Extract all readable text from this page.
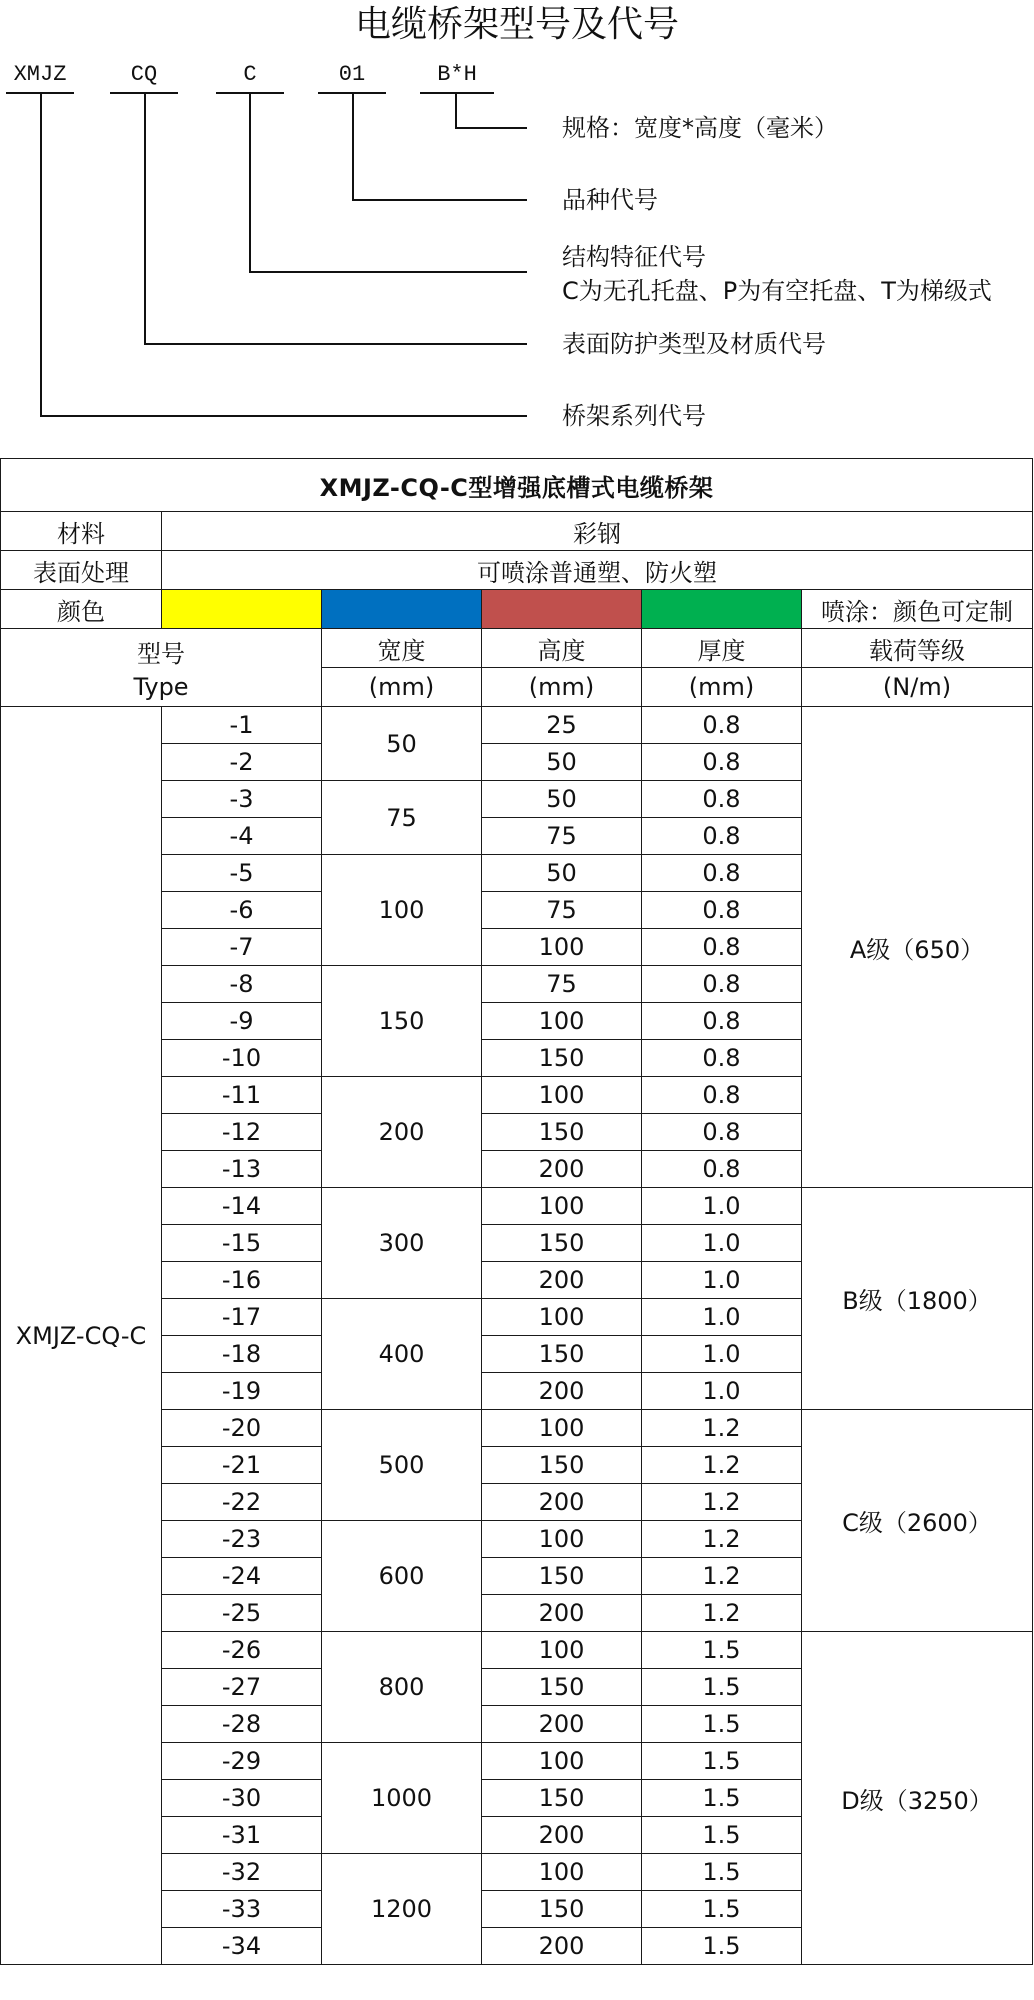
电缆桥架型号及代号
XMJZ	CQ	C	01	B*H
规格：宽度*高度（毫米）
品种代号
结构特征代号
C为无孔托盘、P为有空托盘、T为梯级式
表面防护类型及材质代号
桥架系列代号
XMJZ-CQ-C型增强底槽式电缆桥架					
材料	彩钢				
表面处理	可喷涂普通塑、防火塑				
颜色					喷涂：颜色可定制

型号
Type		宽度	高度	厚度	载荷等级
		(mm)	(mm)	(mm)	(N/m)
XMJZ-CQ-C	-1	50	25	0.8	A级（650）
	-2		50	0.8	
	-3	75	50	0.8	
	-4		75	0.8	
	-5	100	50	0.8	
	-6		75	0.8	
	-7		100	0.8	
	-8	150	75	0.8	
	-9		100	0.8	
	-10		150	0.8	
	-11	200	100	0.8	
	-12		150	0.8	
	-13		200	0.8	
	-14	300	100	1.0	B级（1800）
	-15		150	1.0	
	-16		200	1.0	
	-17	400	100	1.0	
	-18		150	1.0	
	-19		200	1.0	
	-20	500	100	1.2	C级（2600）
	-21		150	1.2	
	-22		200	1.2	
	-23	600	100	1.2	
	-24		150	1.2	
	-25		200	1.2	
	-26	800	100	1.5	D级（3250）
	-27		150	1.5	
	-28		200	1.5	
	-29	1000	100	1.5	
	-30		150	1.5	
	-31		200	1.5	
	-32	1200	100	1.5	
	-33		150	1.5	
	-34		200	1.5	
